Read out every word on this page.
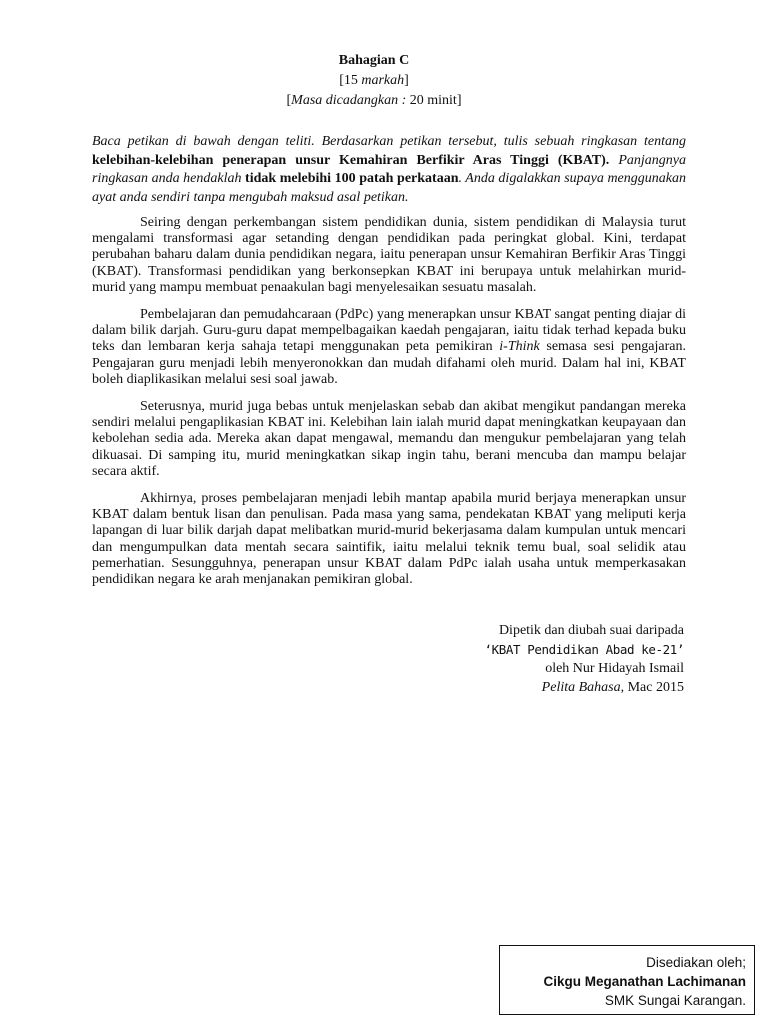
Bahagian C
[15 markah]
[Masa dicadangkan : 20 minit]
Baca petikan di bawah dengan teliti. Berdasarkan petikan tersebut, tulis sebuah ringkasan tentang kelebihan-kelebihan penerapan unsur Kemahiran Berfikir Aras Tinggi (KBAT). Panjangnya ringkasan anda hendaklah tidak melebihi 100 patah perkataan. Anda digalakkan supaya menggunakan ayat anda sendiri tanpa mengubah maksud asal petikan.

Seiring dengan perkembangan sistem pendidikan dunia, sistem pendidikan di Malaysia turut mengalami transformasi agar setanding dengan pendidikan pada peringkat global. Kini, terdapat perubahan baharu dalam dunia pendidikan negara, iaitu penerapan unsur Kemahiran Berfikir Aras Tinggi (KBAT). Transformasi pendidikan yang berkonsepkan KBAT ini berupaya untuk melahirkan murid-murid yang mampu membuat penaakulan bagi menyelesaikan sesuatu masalah.

Pembelajaran dan pemudahcaraan (PdPc) yang menerapkan unsur KBAT sangat penting diajar di dalam bilik darjah. Guru-guru dapat mempelbagaikan kaedah pengajaran, iaitu tidak terhad kepada buku teks dan lembaran kerja sahaja tetapi menggunakan peta pemikiran i-Think semasa sesi pengajaran. Pengajaran guru menjadi lebih menyeronokkan dan mudah difahami oleh murid. Dalam hal ini, KBAT boleh diaplikasikan melalui sesi soal jawab.

Seterusnya, murid juga bebas untuk menjelaskan sebab dan akibat mengikut pandangan mereka sendiri melalui pengaplikasian KBAT ini. Kelebihan lain ialah murid dapat meningkatkan keupayaan dan kebolehan sedia ada. Mereka akan dapat mengawal, memandu dan mengukur pembelajaran yang telah dikuasai. Di samping itu, murid meningkatkan sikap ingin tahu, berani mencuba dan mampu belajar secara aktif.

Akhirnya, proses pembelajaran menjadi lebih mantap apabila murid berjaya menerapkan unsur KBAT dalam bentuk lisan dan penulisan. Pada masa yang sama, pendekatan KBAT yang meliputi kerja lapangan di luar bilik darjah dapat melibatkan murid-murid bekerjasama dalam kumpulan untuk mencari dan mengumpulkan data mentah secara saintifik, iaitu melalui teknik temu bual, soal selidik atau pemerhatian. Sesungguhnya, penerapan unsur KBAT dalam PdPc ialah usaha untuk memperkasakan pendidikan negara ke arah menjanakan pemikiran global.

Dipetik dan diubah suai daripada
‘KBAT Pendidikan Abad ke-21’
oleh Nur Hidayah Ismail
Pelita Bahasa, Mac 2015
Disediakan oleh;
Cikgu Meganathan Lachimanan
SMK Sungai Karangan.
